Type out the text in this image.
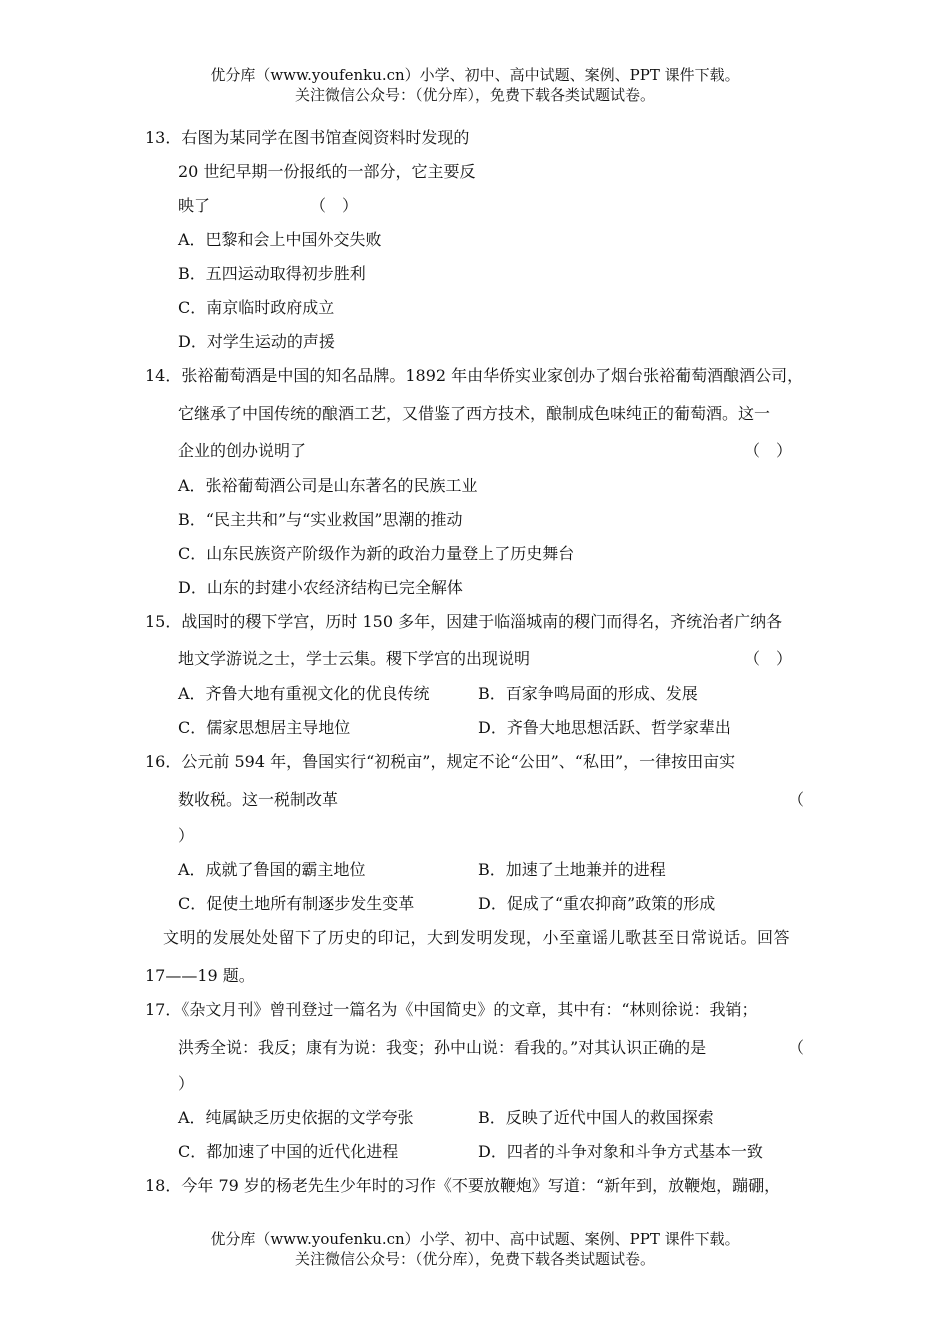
优分库（www.youfenku.cn）小学、初中、高中试题、案例、PPT 课件下载。
关注微信公众号：（优分库），免费下载各类试题试卷。
13．右图为某同学在图书馆查阅资料时发现的
20 世纪早期一份报纸的一部分，它主要反
映了	（　）
A．巴黎和会上中国外交失败
B．五四运动取得初步胜利
C．南京临时政府成立
D．对学生运动的声援
14．张裕葡萄酒是中国的知名品牌。1892 年由华侨实业家创办了烟台张裕葡萄酒酿酒公司，
它继承了中国传统的酿酒工艺，又借鉴了西方技术，酿制成色味纯正的葡萄酒。这一
企业的创办说明了	（　）
A．张裕葡萄酒公司是山东著名的民族工业
B．“民主共和”与“实业救国”思潮的推动
C．山东民族资产阶级作为新的政治力量登上了历史舞台
D．山东的封建小农经济结构已完全解体
15．战国时的稷下学宫，历时 150 多年，因建于临淄城南的稷门而得名，齐统治者广纳各
地文学游说之士，学士云集。稷下学宫的出现说明	（　）
A．齐鲁大地有重视文化的优良传统	B．百家争鸣局面的形成、发展
C．儒家思想居主导地位	D．齐鲁大地思想活跃、哲学家辈出
16．公元前 594 年，鲁国实行“初税亩”，规定不论“公田”、“私田”，一律按田亩实
数收税。这一税制改革	（
）
A．成就了鲁国的霸主地位	B．加速了土地兼并的进程
C．促使土地所有制逐步发生变革	D．促成了“重农抑商”政策的形成
文明的发展处处留下了历史的印记，大到发明发现，小至童谣儿歌甚至日常说话。回答
17——19 题。
17．《杂文月刊》曾刊登过一篇名为《中国简史》的文章，其中有：“林则徐说：我销；
洪秀全说：我反；康有为说：我变；孙中山说：看我的。”对其认识正确的是	（
）
A．纯属缺乏历史依据的文学夸张	B．反映了近代中国人的救国探索
C．都加速了中国的近代化进程	D．四者的斗争对象和斗争方式基本一致
18．今年 79 岁的杨老先生少年时的习作《不要放鞭炮》写道：“新年到，放鞭炮，蹦硼，
优分库（www.youfenku.cn）小学、初中、高中试题、案例、PPT 课件下载。
关注微信公众号：（优分库），免费下载各类试题试卷。
